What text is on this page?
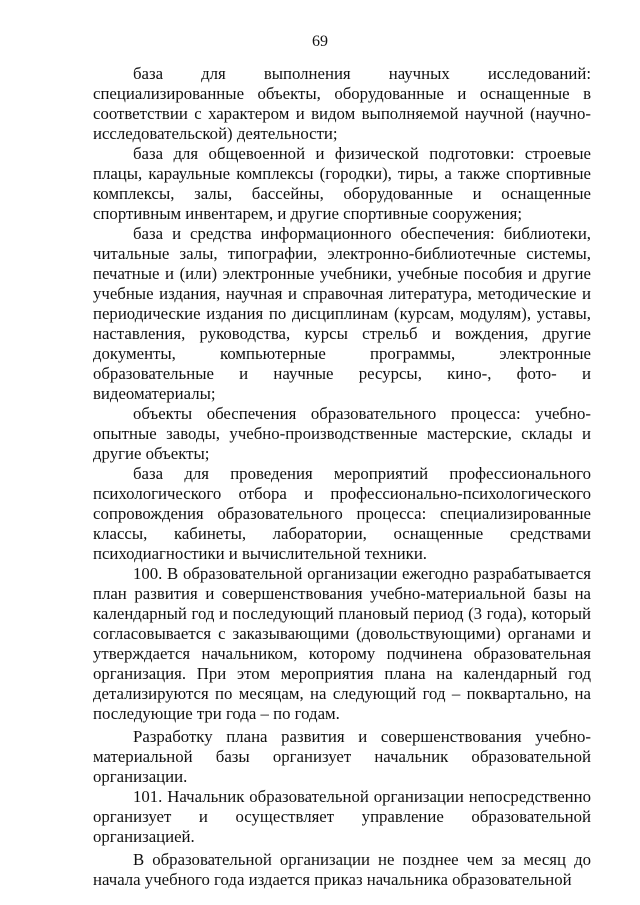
69

база для выполнения научных исследований: специализированные объекты, оборудованные и оснащенные в соответствии с характером и видом выполняемой научной (научно-исследовательской) деятельности;

база для общевоенной и физической подготовки: строевые плацы, караульные комплексы (городки), тиры, а также спортивные комплексы, залы, бассейны, оборудованные и оснащенные спортивным инвентарем, и другие спортивные сооружения;

база и средства информационного обеспечения: библиотеки, читальные залы, типографии, электронно-библиотечные системы, печатные и (или) электронные учебники, учебные пособия и другие учебные издания, научная и справочная литература, методические и периодические издания по дисциплинам (курсам, модулям), уставы, наставления, руководства, курсы стрельб и вождения, другие документы, компьютерные программы, электронные образовательные и научные ресурсы, кино-, фото- и видеоматериалы;

объекты обеспечения образовательного процесса: учебно-опытные заводы, учебно-производственные мастерские, склады и другие объекты;

база для проведения мероприятий профессионального психологического отбора и профессионально-психологического сопровождения образовательного процесса: специализированные классы, кабинеты, лаборатории, оснащенные средствами психодиагностики и вычислительной техники.

100. В образовательной организации ежегодно разрабатывается план развития и совершенствования учебно-материальной базы на календарный год и последующий плановый период (3 года), который согласовывается с заказывающими (довольствующими) органами и утверждается начальником, которому подчинена образовательная организация. При этом мероприятия плана на календарный год детализируются по месяцам, на следующий год – поквартально, на последующие три года – по годам.

Разработку плана развития и совершенствования учебно-материальной базы организует начальник образовательной организации.

101. Начальник образовательной организации непосредственно организует и осуществляет управление образовательной организацией.

В образовательной организации не позднее чем за месяц до начала учебного года издается приказ начальника образовательной
